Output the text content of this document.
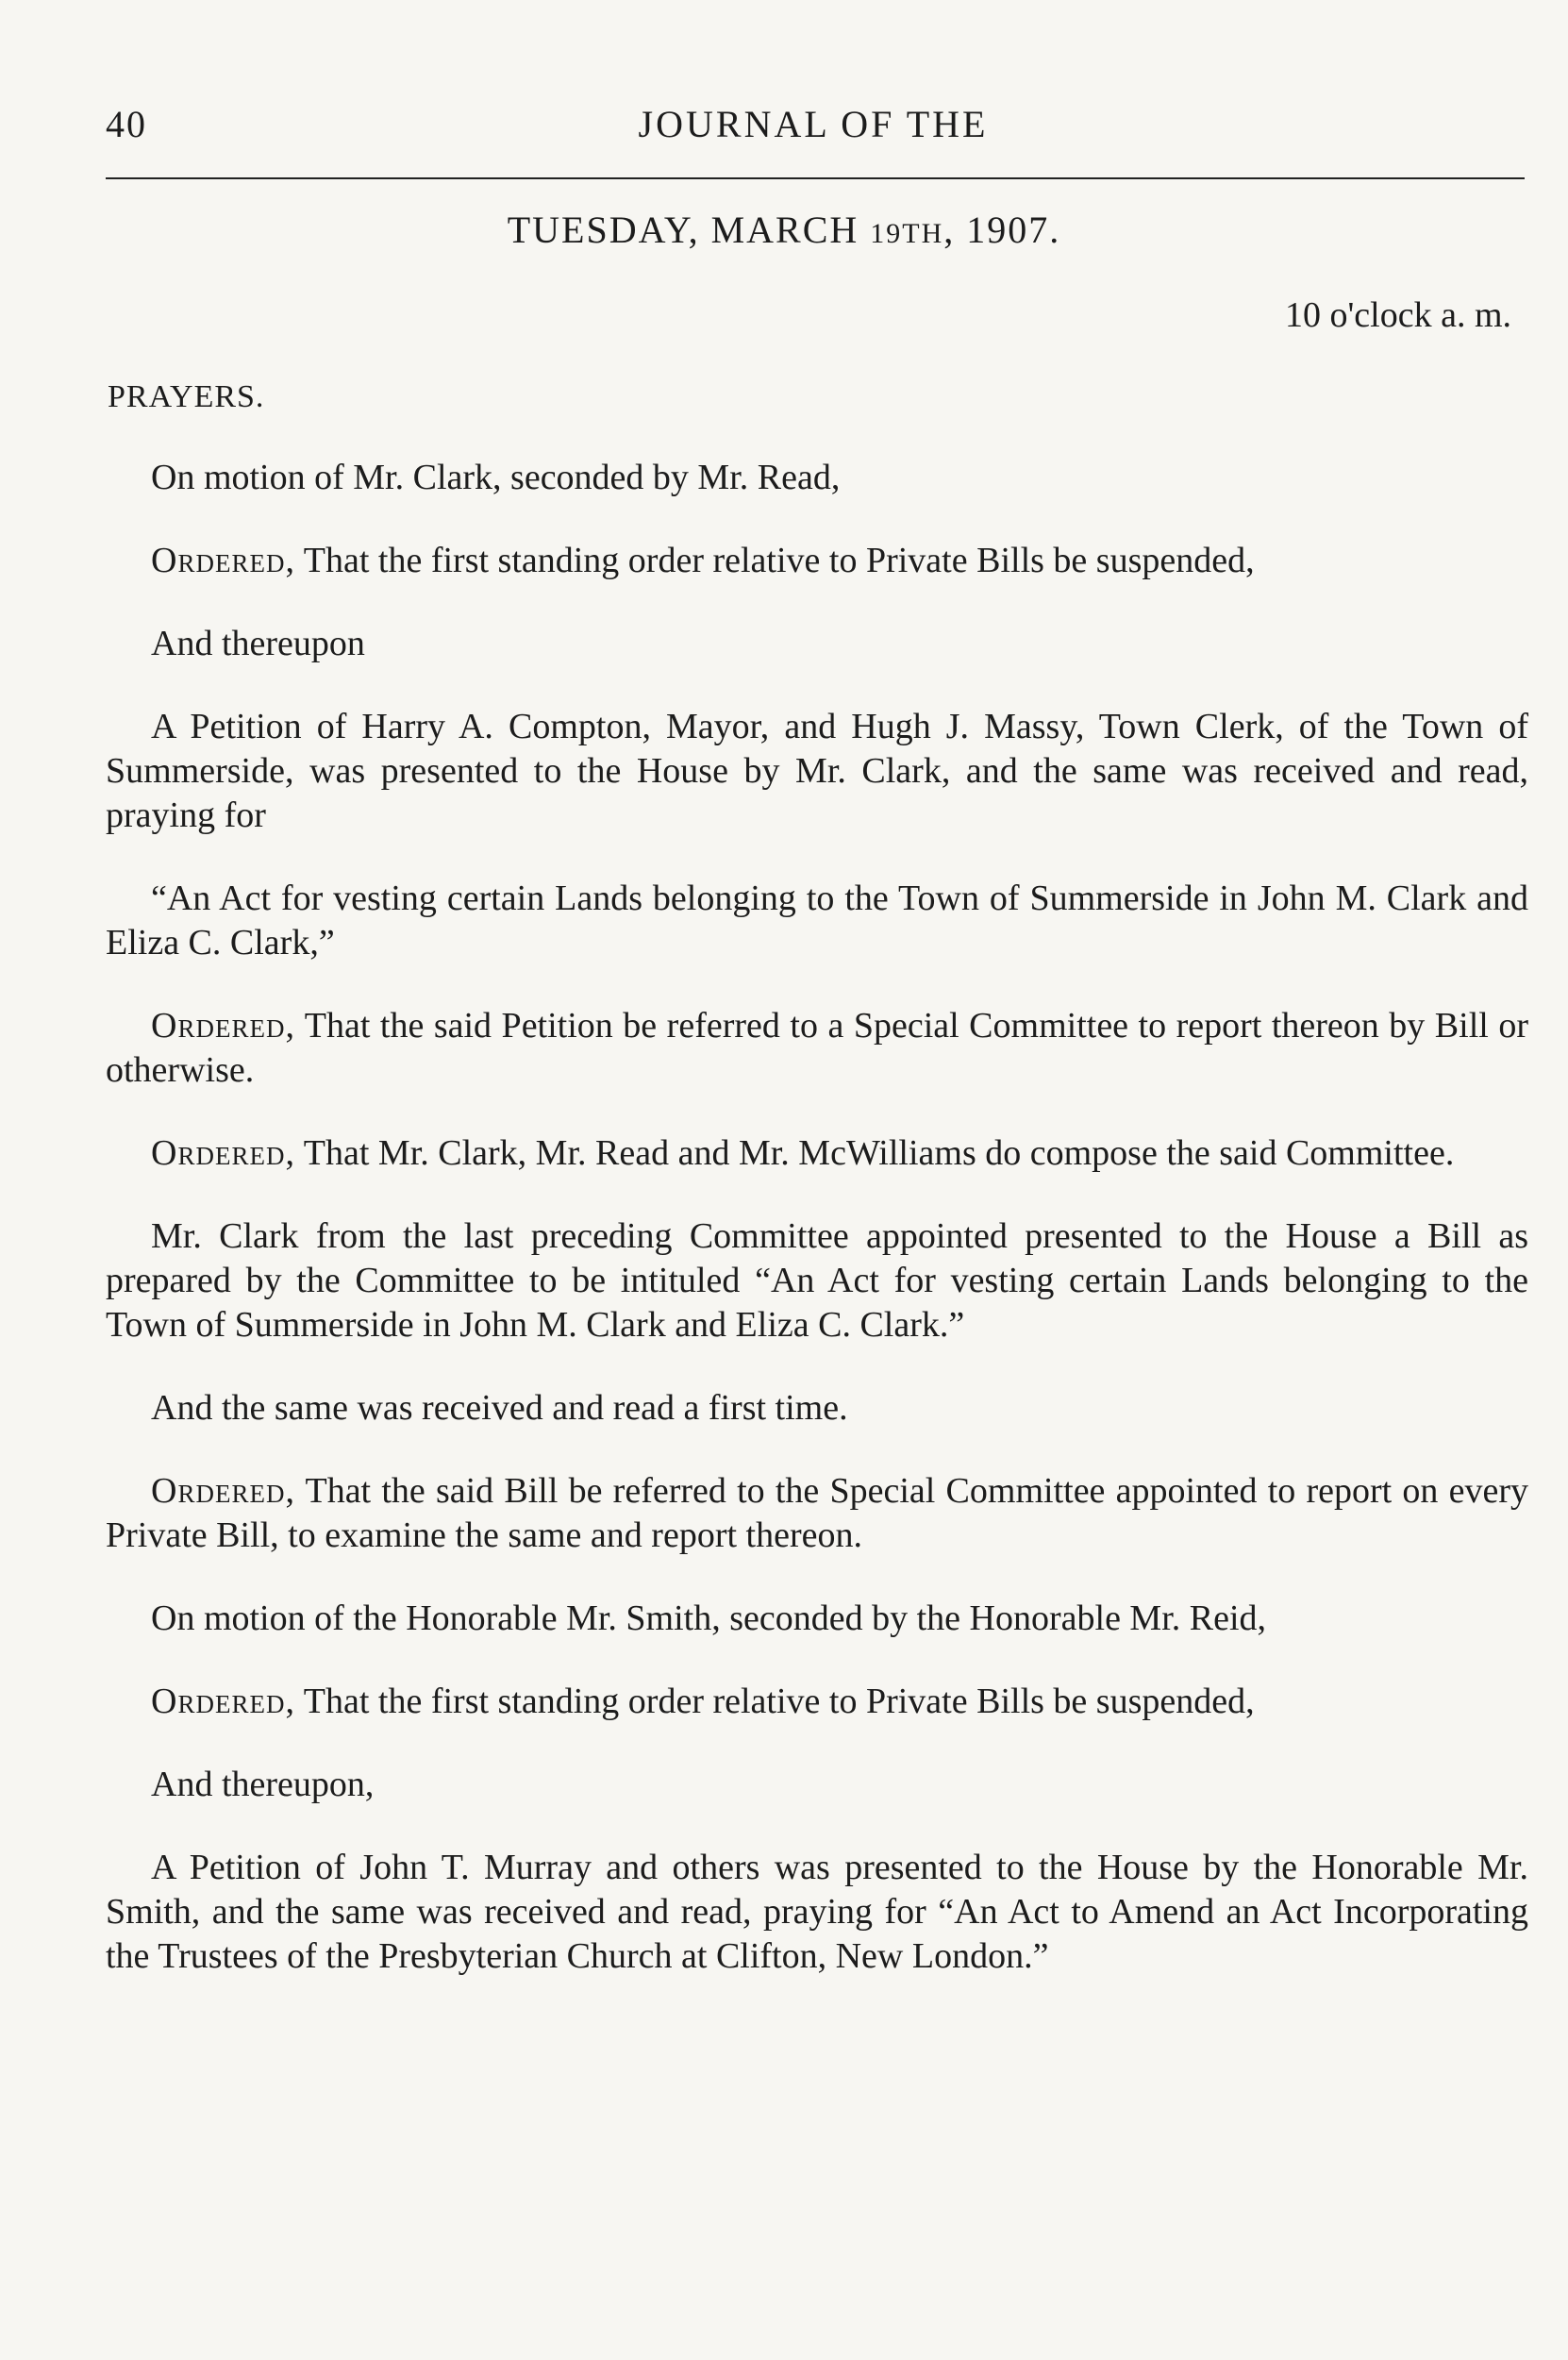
40	JOURNAL OF THE
TUESDAY, MARCH 19TH, 1907.
10 o'clock a. m.
PRAYERS.

On motion of Mr. Clark, seconded by Mr. Read,

Ordered, That the first standing order relative to Private Bills be suspended,

And thereupon

A Petition of Harry A. Compton, Mayor, and Hugh J. Massy, Town Clerk, of the Town of Summerside, was presented to the House by Mr. Clark, and the same was received and read, praying for

“An Act for vesting certain Lands belonging to the Town of Summerside in John M. Clark and Eliza C. Clark,”

Ordered, That the said Petition be referred to a Special Committee to report thereon by Bill or otherwise.

Ordered, That Mr. Clark, Mr. Read and Mr. McWilliams do compose the said Committee.

Mr. Clark from the last preceding Committee appointed presented to the House a Bill as prepared by the Committee to be intituled “An Act for vesting certain Lands belonging to the Town of Summerside in John M. Clark and Eliza C. Clark.”

And the same was received and read a first time.

Ordered, That the said Bill be referred to the Special Committee appointed to report on every Private Bill, to examine the same and report thereon.

On motion of the Honorable Mr. Smith, seconded by the Honorable Mr. Reid,

Ordered, That the first standing order relative to Private Bills be suspended,

And thereupon,

A Petition of John T. Murray and others was presented to the House by the Honorable Mr. Smith, and the same was received and read, praying for “An Act to Amend an Act Incorporating the Trustees of the Presbyterian Church at Clifton, New London.”
